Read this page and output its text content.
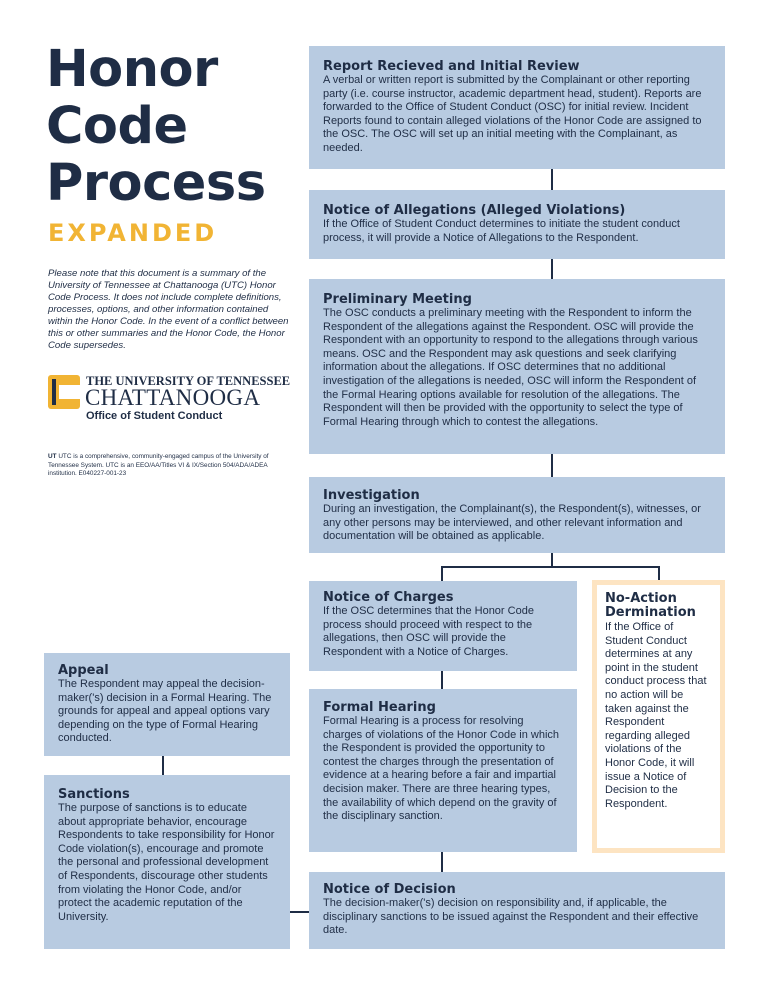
Honor
Code
Process
EXPANDED
Please note that this document is a summary of the University of Tennessee at Chattanooga (UTC) Honor Code Process. It does not include complete definitions, processes, options, and other information contained within the Honor Code. In the event of a conflict between this or other summaries and the Honor Code, the Honor Code supersedes.
THE UNIVERSITY OF TENNESSEE
CHATTANOOGA
Office of Student Conduct
UT UTC is a comprehensive, community-engaged campus of the University of Tennessee System. UTC is an EEO/AA/Titles VI & IX/Section 504/ADA/ADEA institution. E040227-001-23
Report Recieved and Initial Review

A verbal or written report is submitted by the Complainant or other reporting party (i.e. course instructor, academic department head, student). Reports are forwarded to the Office of Student Conduct (OSC) for initial review. Incident Reports found to contain alleged violations of the Honor Code are assigned to the OSC. The OSC will set up an initial meeting with the Complainant, as needed.

Notice of Allegations (Alleged Violations)

If the Office of Student Conduct determines to initiate the student conduct process, it will provide a Notice of Allegations to the Respondent.

Preliminary Meeting

The OSC conducts a preliminary meeting with the Respondent to inform the Respondent of the allegations against the Respondent. OSC will provide the Respondent with an opportunity to respond to the allegations through various means. OSC and the Respondent may ask questions and seek clarifying information about the allegations. If OSC determines that no additional investigation of the allegations is needed, OSC will inform the Respondent of the Formal Hearing options available for resolution of the allegations. The Respondent will then be provided with the opportunity to select the type of Formal Hearing through which to contest the allegations.

Investigation

During an investigation, the Complainant(s), the Respondent(s), witnesses, or any other persons may be interviewed, and other relevant information and documentation will be obtained as applicable.

Notice of Charges

If the OSC determines that the Honor Code process should proceed with respect to the allegations, then OSC will provide the Respondent with a Notice of Charges.

No-Action Dermination

If the Office of Student Conduct determines at any point in the student conduct process that no action will be taken against the Respondent regarding alleged violations of the Honor Code, it will issue a Notice of Decision to the Respondent.

Formal Hearing

Formal Hearing is a process for resolving charges of violations of the Honor Code in which the Respondent is provided the opportunity to contest the charges through the presentation of evidence at a hearing before a fair and impartial decision maker. There are three hearing types, the availability of which depend on the gravity of the disciplinary sanction.

Notice of Decision

The decision-maker('s) decision on responsibility and, if applicable, the disciplinary sanctions to be issued against the Respondent and their effective date.

Appeal

The Respondent may appeal the decision-maker('s) decision in a Formal Hearing. The grounds for appeal and appeal options vary depending on the type of Formal Hearing conducted.

Sanctions

The purpose of sanctions is to educate about appropriate behavior, encourage Respondents to take responsibility for Honor Code violation(s), encourage and promote the personal and professional development of Respondents, discourage other students from violating the Honor Code, and/or protect the academic reputation of the University.
